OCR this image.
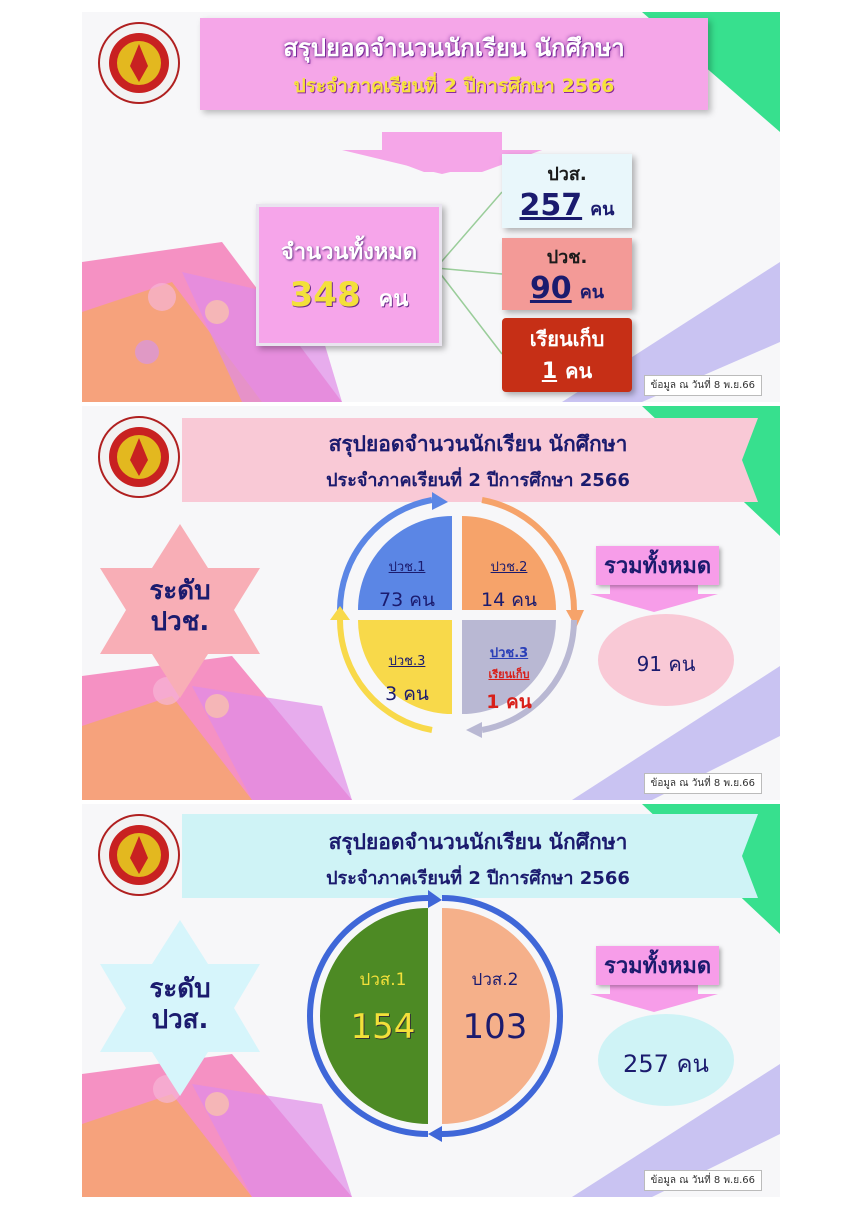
สรุปยอดจำนวนนักเรียน นักศึกษา
ประจำภาคเรียนที่ 2 ปีการศึกษา 2566
จำนวนทั้งหมด
348 คน
ปวส.
257 คน
ปวช.
90 คน
เรียนเก็บ
1 คน
ข้อมูล ณ วันที่ 8 พ.ย.66
สรุปยอดจำนวนนักเรียน นักศึกษา
ประจำภาคเรียนที่ 2 ปีการศึกษา 2566
ระดับ
ปวช.
ปวช.1
73 คน
ปวช.2
14 คน
ปวช.3
3 คน
ปวช.3
เรียนเก็บ
1 คน
รวมทั้งหมด
91 คน
ข้อมูล ณ วันที่ 8 พ.ย.66
สรุปยอดจำนวนนักเรียน นักศึกษา
ประจำภาคเรียนที่ 2 ปีการศึกษา 2566
ระดับ
ปวส.
ปวส.1
154
ปวส.2
103
รวมทั้งหมด
257 คน
ข้อมูล ณ วันที่ 8 พ.ย.66
